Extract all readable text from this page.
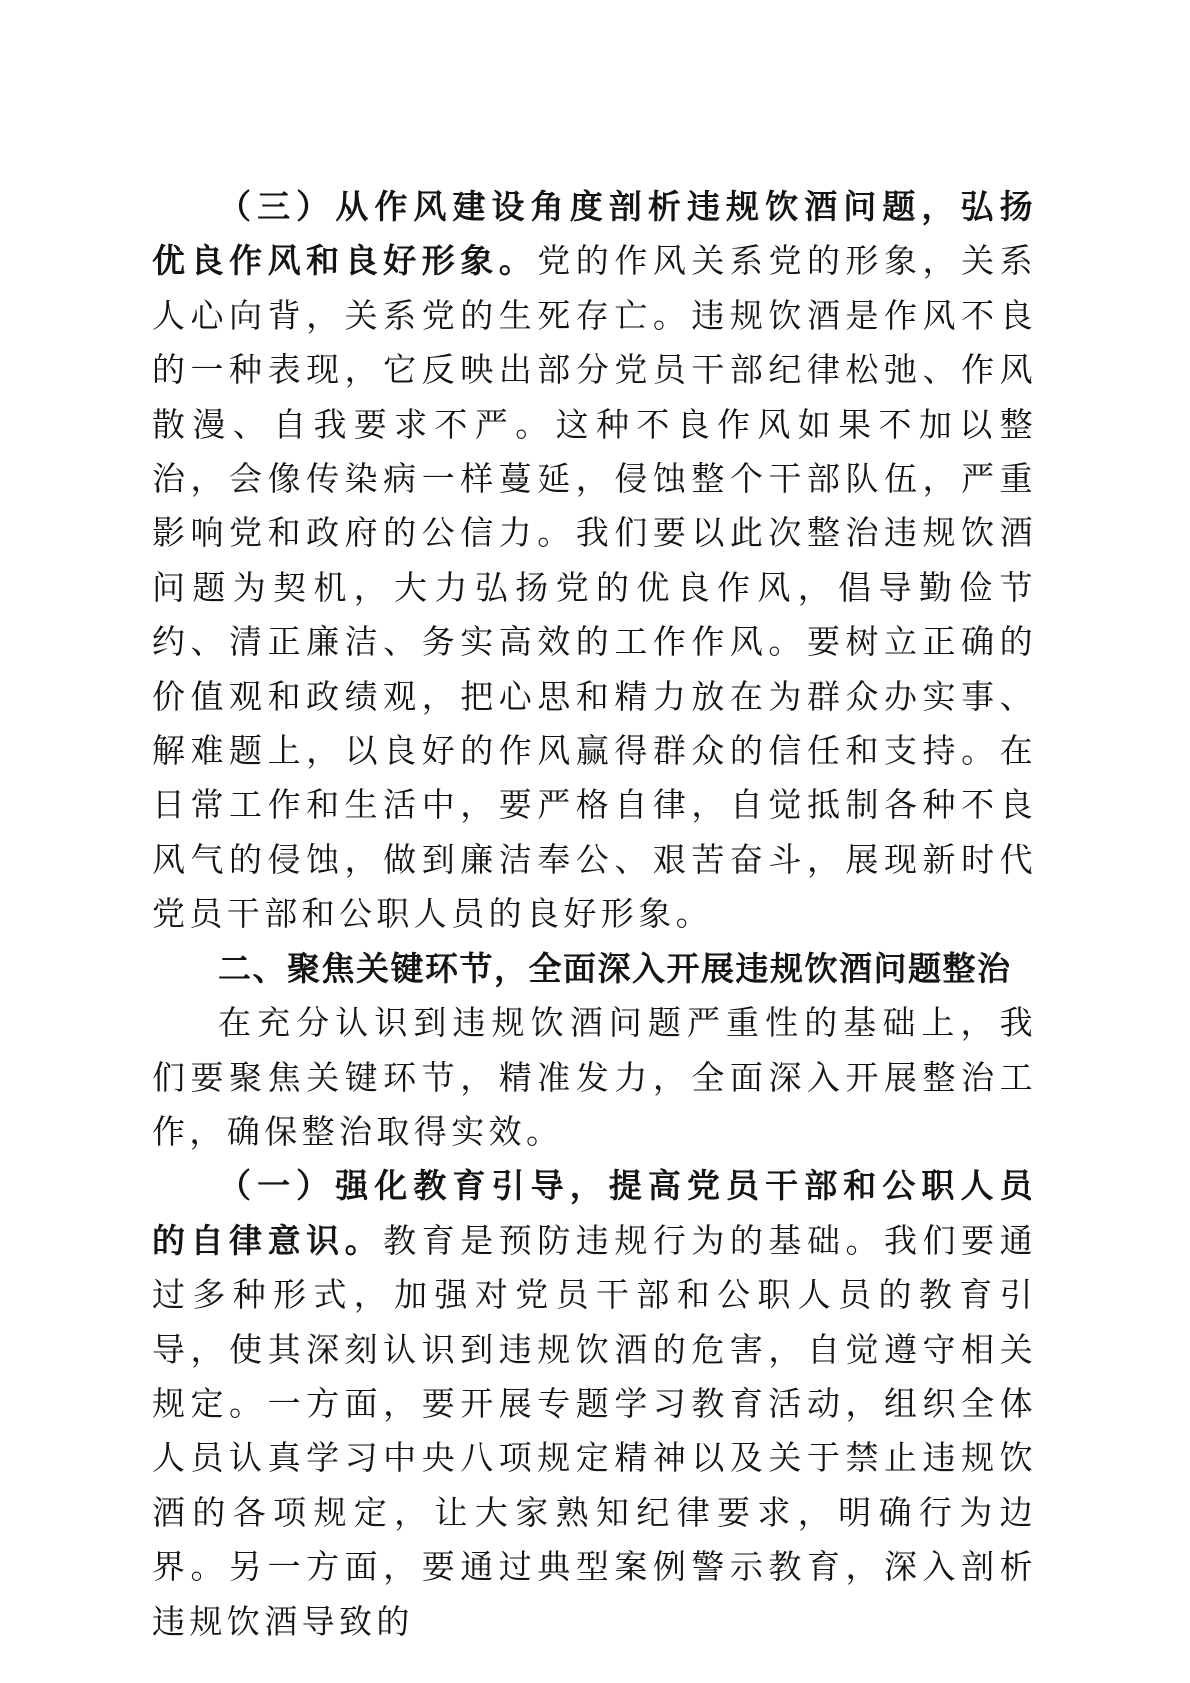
（三）从作风建设角度剖析违规饮酒问题，弘扬优良作风和良好形象。党的作风关系党的形象，关系人心向背，关系党的生死存亡。违规饮酒是作风不良的一种表现，它反映出部分党员干部纪律松弛、作风散漫、自我要求不严。这种不良作风如果不加以整治，会像传染病一样蔓延，侵蚀整个干部队伍，严重影响党和政府的公信力。我们要以此次整治违规饮酒问题为契机，大力弘扬党的优良作风，倡导勤俭节约、清正廉洁、务实高效的工作作风。要树立正确的价值观和政绩观，把心思和精力放在为群众办实事、解难题上，以良好的作风赢得群众的信任和支持。在日常工作和生活中，要严格自律，自觉抵制各种不良风气的侵蚀，做到廉洁奉公、艰苦奋斗，展现新时代党员干部和公职人员的良好形象。

二、聚焦关键环节，全面深入开展违规饮酒问题整治

在充分认识到违规饮酒问题严重性的基础上，我们要聚焦关键环节，精准发力，全面深入开展整治工作，确保整治取得实效。

（一）强化教育引导，提高党员干部和公职人员的自律意识。教育是预防违规行为的基础。我们要通过多种形式，加强对党员干部和公职人员的教育引导，使其深刻认识到违规饮酒的危害，自觉遵守相关规定。一方面，要开展专题学习教育活动，组织全体人员认真学习中央八项规定精神以及关于禁止违规饮酒的各项规定，让大家熟知纪律要求，明确行为边界。另一方面，要通过典型案例警示教育，深入剖析违规饮酒导致的
